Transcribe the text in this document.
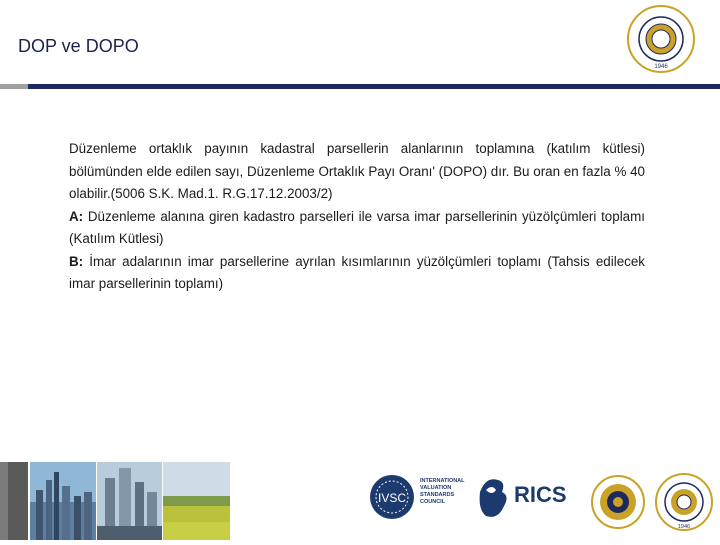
DOP ve DOPO
1946

Düzenleme ortaklık payının kadastral parsellerin alanlarının toplamına (katılım kütlesi) bölümünden elde edilen sayı, Düzenleme Ortaklık Payı Oranı' (DOPO) dır. Bu oran en fazla % 40 olabilir.(5006 S.K. Mad.1. R.G.17.12.2003/2)

A: Düzenleme alanına giren kadastro parselleri ile varsa imar parsellerinin yüzölçümleri toplamı (Katılım Kütlesi)

B: İmar adalarının imar parsellerine ayrılan kısımlarının yüzölçümleri toplamı (Tahsis edilecek imar parsellerinin toplamı)

IVSC
INTERNATIONAL VALUATION STANDARDS COUNCIL	RICS
1946
